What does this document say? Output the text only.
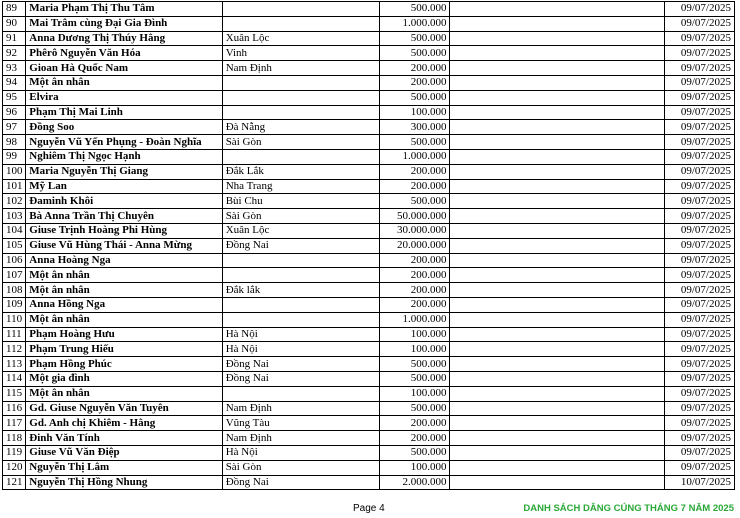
89	Maria Phạm Thị Thu Tâm		500.000		09/07/2025
90	Mai Trâm cùng Đại Gia Đình		1.000.000		09/07/2025
91	Anna Dương Thị Thúy Hằng	Xuân Lộc	500.000		09/07/2025
92	Phêrô Nguyễn Văn Hóa	Vinh	500.000		09/07/2025
93	Gioan Hà Quốc Nam	Nam Định	200.000		09/07/2025
94	Một ân nhân		200.000		09/07/2025
95	Elvira		500.000		09/07/2025
96	Phạm Thị Mai Linh		100.000		09/07/2025
97	Đồng Soo	Đà Nẵng	300.000		09/07/2025
98	Nguyễn Vũ Yến Phụng - Đoàn Nghĩa	Sài Gòn	500.000		09/07/2025
99	Nghiêm Thị Ngọc Hạnh		1.000.000		09/07/2025
100	Maria Nguyễn Thị Giang	Đắk Lắk	200.000		09/07/2025
101	Mỹ Lan	Nha Trang	200.000		09/07/2025
102	Đaminh Khôi	Bùi Chu	500.000		09/07/2025
103	Bà Anna Trần Thị Chuyên	Sài Gòn	50.000.000		09/07/2025
104	Giuse Trịnh Hoàng Phi Hùng	Xuân Lộc	30.000.000		09/07/2025
105	Giuse Vũ Hùng Thái - Anna Mừng	Đồng Nai	20.000.000		09/07/2025
106	Anna Hoàng Nga		200.000		09/07/2025
107	Một ân nhân		200.000		09/07/2025
108	Một ân nhân	Đắk lắk	200.000		09/07/2025
109	Anna Hồng Nga		200.000		09/07/2025
110	Một ân nhân		1.000.000		09/07/2025
111	Phạm Hoàng Hưu	Hà Nội	100.000		09/07/2025
112	Phạm Trung Hiếu	Hà Nội	100.000		09/07/2025
113	Phạm Hồng Phúc	Đồng Nai	500.000		09/07/2025
114	Một gia đình	Đồng Nai	500.000		09/07/2025
115	Một ân nhân		100.000		09/07/2025
116	Gd. Giuse Nguyễn Văn Tuyên	Nam Định	500.000		09/07/2025
117	Gd. Anh chị Khiêm - Hằng	Vũng Tàu	200.000		09/07/2025
118	Đinh Văn Tính	Nam Định	200.000		09/07/2025
119	Giuse Vũ Văn Điệp	Hà Nội	500.000		09/07/2025
120	Nguyễn Thị Lâm	Sài Gòn	100.000		09/07/2025
121	Nguyễn Thị Hồng Nhung	Đồng Nai	2.000.000		10/07/2025
Page 4	DANH SÁCH DÂNG CÚNG THÁNG 7 NĂM 2025
